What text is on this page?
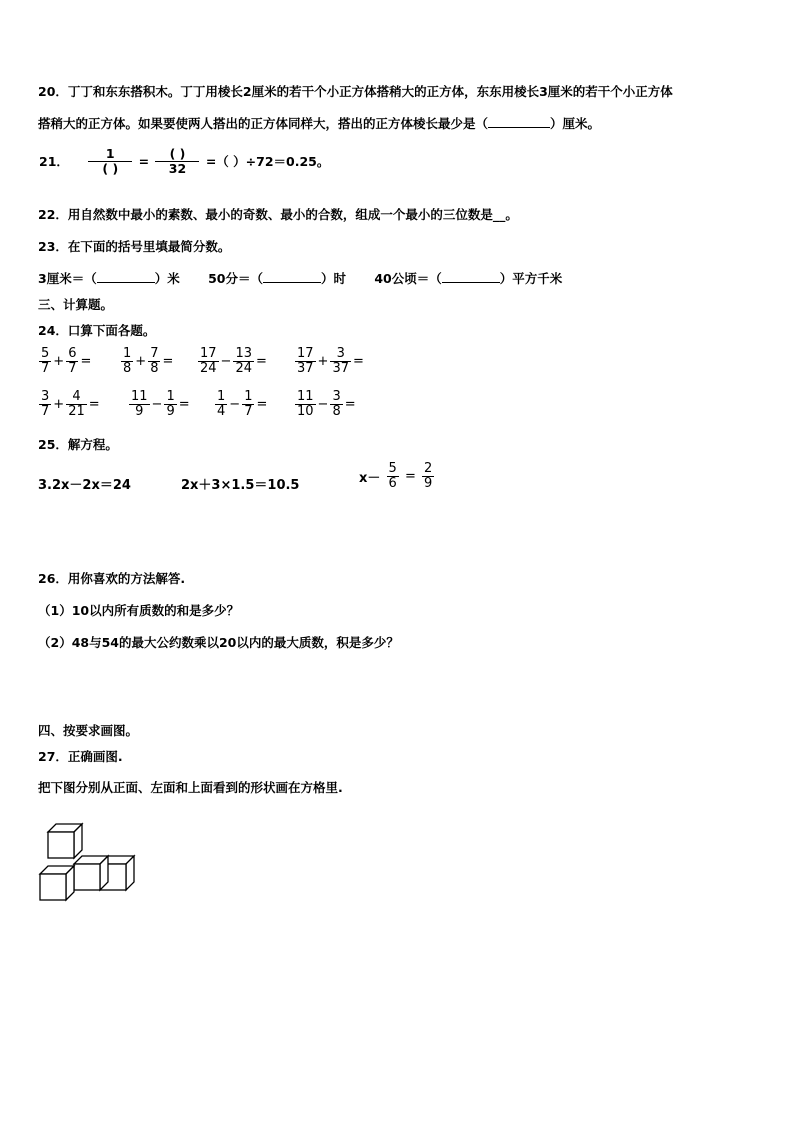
20．丁丁和东东搭积木。丁丁用棱长2厘米的若干个小正方体搭稍大的正方体，东东用棱长3厘米的若干个小正方体
搭稍大的正方体。如果要使两人搭出的正方体同样大，搭出的正方体棱长最少是（	）厘米。
21． $\frac{1}{( )} = \frac{( )}{32}$ =（ ）÷72＝0.25。
22．用自然数中最小的素数、最小的奇数、最小的合数，组成一个最小的三位数是__。
23．在下面的括号里填最简分数。
3厘米＝（	）米 50分＝（	）时 40公顷＝（	）平方千米
三、计算题。
24．口算下面各题。
$\frac{5}{7} + \frac{6}{7} = \frac{1}{8} + \frac{7}{8} = \frac{17}{24} - \frac{13}{24} = \frac{17}{37} + \frac{3}{37}$ =
$\frac{3}{7} + \frac{4}{21} = \frac{11}{9} - \frac{1}{9} = \frac{1}{4} - \frac{1}{7} = \frac{11}{10} - \frac{3}{8}$ =
25．解方程。
3.2x－2x＝24	2x＋3×1.5＝10.5	$x- \frac{5}{6} = \frac{2}{9}$
26．用你喜欢的方法解答.
（1）10以内所有质数的和是多少？
（2）48与54的最大公约数乘以20以内的最大质数，积是多少？
四、按要求画图。
27．正确画图.
把下图分别从正面、左面和上面看到的形状画在方格里.
